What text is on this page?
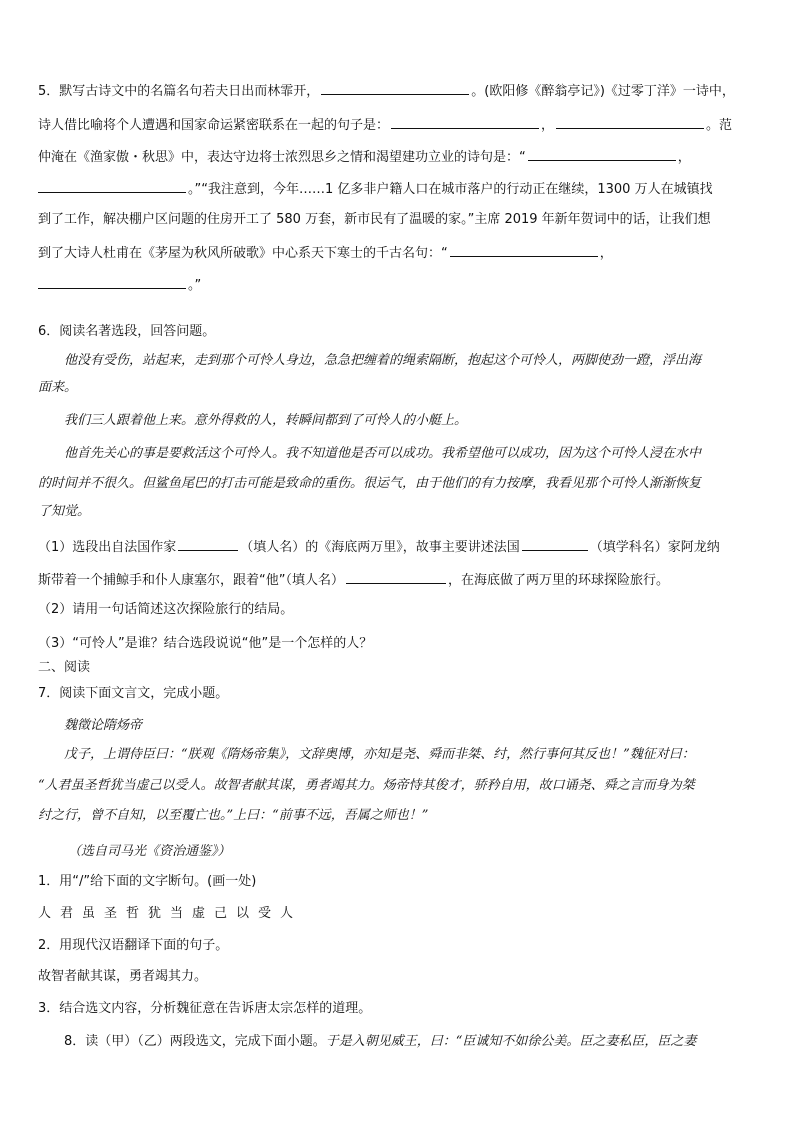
5．默写古诗文中的名篇名句若夫日出而林霏开，	。(欧阳修《醉翁亭记》)《过零丁洋》一诗中，
诗人借比喻将个人遭遇和国家命运紧密联系在一起的句子是：	，	。范
仲淹在《渔家傲・秋思》中，表达守边将士浓烈思乡之情和渴望建功立业的诗句是：“	，
。”“我注意到，今年……1 亿多非户籍人口在城市落户的行动正在继续，1300 万人在城镇找
到了工作，解决棚户区问题的住房开工了 580 万套，新市民有了温暖的家。”主席 2019 年新年贺词中的话，让我们想
到了大诗人杜甫在《茅屋为秋风所破歌》中心系天下寒士的千古名句：“	，
。”
6．阅读名著选段，回答问题。
他没有受伤，站起来，走到那个可怜人身边，急急把缠着的绳索隔断，抱起这个可怜人，两脚使劲一蹬，浮出海
面来。
我们三人跟着他上来。意外得救的人，转瞬间都到了可怜人的小艇上。
他首先关心的事是要救活这个可怜人。我不知道他是否可以成功。我希望他可以成功，因为这个可怜人浸在水中
的时间并不很久。但鲨鱼尾巴的打击可能是致命的重伤。很运气，由于他们的有力按摩，我看见那个可怜人渐渐恢复
了知觉。
（1）选段出自法国作家	（填人名）的《海底两万里》，故事主要讲述法国	（填学科名）家阿龙纳
斯带着一个捕鲸手和仆人康塞尔，跟着“他”（填人名）	，在海底做了两万里的环球探险旅行。
（2）请用一句话简述这次探险旅行的结局。
（3）“可怜人”是谁？结合选段说说“他”是一个怎样的人？
二、阅读
7．阅读下面文言文，完成小题。
魏徵论隋炀帝
戊子，上谓侍臣曰：“朕观《隋炀帝集》，文辞奥博，亦知是尧、舜而非桀、纣，然行事何其反也！”魏征对曰：
“人君虽圣哲犹当虚己以受人。故智者献其谋，勇者竭其力。炀帝恃其俊才，骄矜自用，故口诵尧、舜之言而身为桀
纣之行，曾不自知，以至覆亡也。”上曰：“前事不远，吾属之师也！”
（选自司马光《资治通鉴》）
1．用“/”给下面的文字断句。(画一处)
人君虽圣哲犹当虚己以受人
2．用现代汉语翻译下面的句子。
故智者献其谋，勇者竭其力。
3．结合选文内容，分析魏征意在告诉唐太宗怎样的道理。
8．读（甲）（乙）两段选文，完成下面小题。于是入朝见威王，曰：“臣诚知不如徐公美。臣之妻私臣，臣之妻
